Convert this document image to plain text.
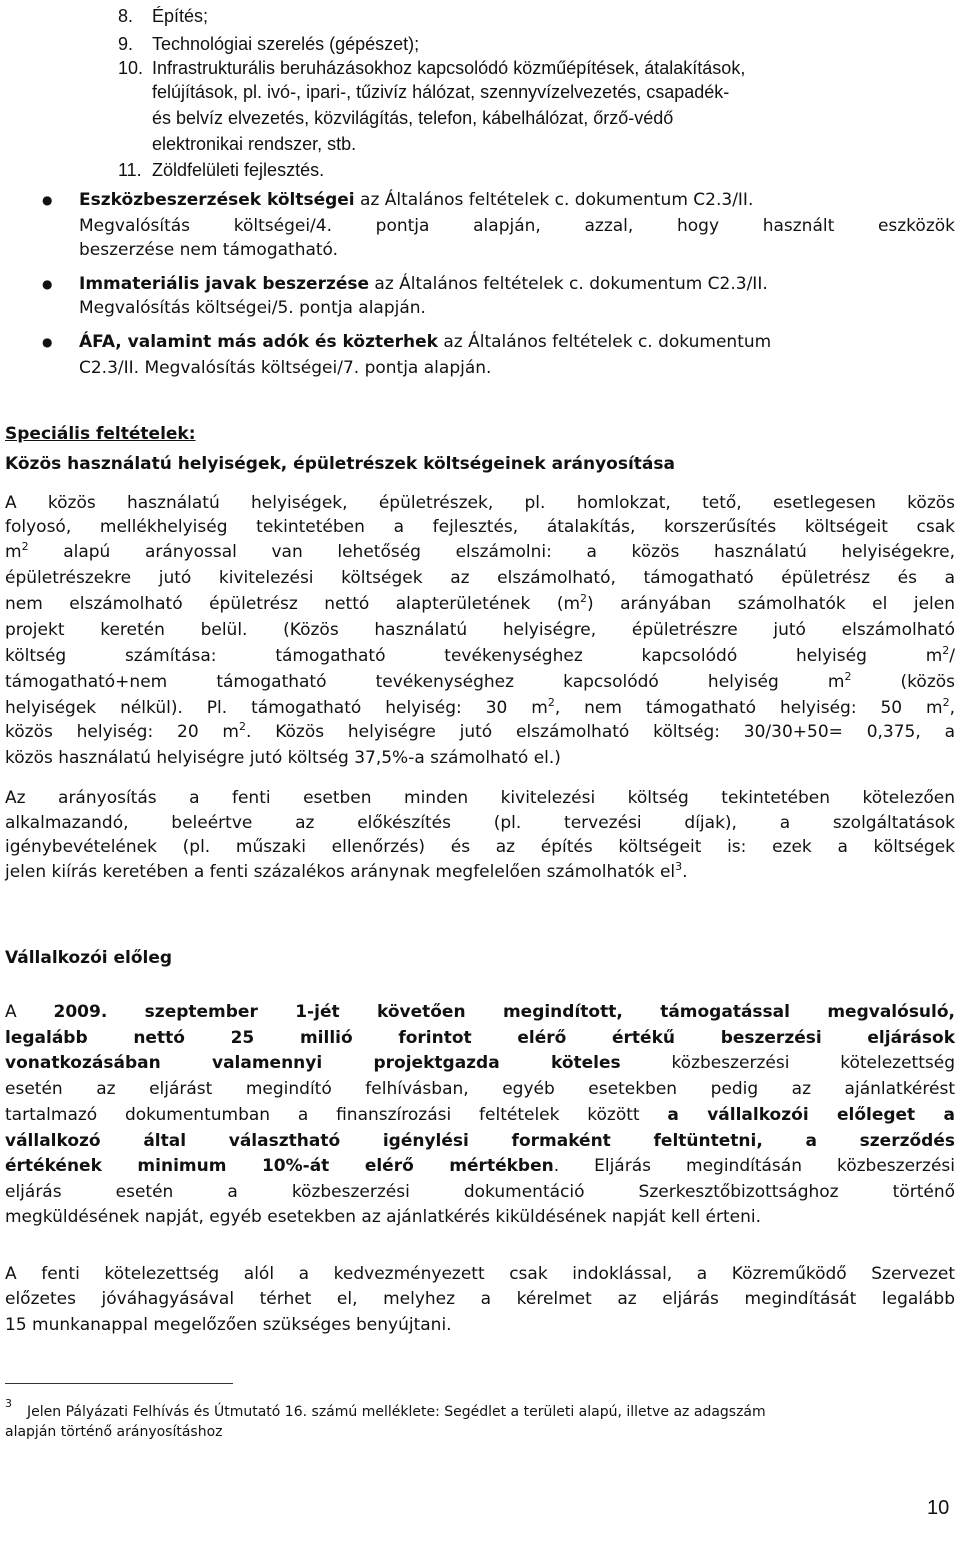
8. Építés;
9. Technológiai szerelés (gépészet);
10. Infrastrukturális beruházásokhoz kapcsolódó közműépítések, átalakítások,
felújítások, pl. ivó-, ipari-, tűzivíz hálózat, szennyvízelvezetés, csapadék-
és belvíz elvezetés, közvilágítás, telefon, kábelhálózat, őrző-védő
elektronikai rendszer, stb.
11. Zöldfelületi fejlesztés.
● Eszközbeszerzések költségei az Általános feltételek c. dokumentum C2.3/II.
Megvalósítás költségei/4. pontja alapján, azzal, hogy használt eszközök
beszerzése nem támogatható.
● Immateriális javak beszerzése az Általános feltételek c. dokumentum C2.3/II.
Megvalósítás költségei/5. pontja alapján.
● ÁFA, valamint más adók és közterhek az Általános feltételek c. dokumentum
C2.3/II. Megvalósítás költségei/7. pontja alapján.
Speciális feltételek:
Közös használatú helyiségek, épületrészek költségeinek arányosítása
A közös használatú helyiségek, épületrészek, pl. homlokzat, tető, esetlegesen közös
folyosó, mellékhelyiség tekintetében a fejlesztés, átalakítás, korszerűsítés költségeit csak
$m^2$ alapú arányossal van lehetőség elszámolni: a közös használatú helyiségekre,
épületrészekre jutó kivitelezési költségek az elszámolható, támogatható épületrész és a
nem elszámolható épületrész nettó alapterületének $(m^2)$ arányában számolhatók el jelen
projekt keretén belül. (Közös használatú helyiségre, épületrészre jutó elszámolható
költség számítása: támogatható tevékenységhez kapcsolódó helyiség $m^2/$
támogatható+nem támogatható tevékenységhez kapcsolódó helyiség $m^2$ (közös
helyiségek nélkül). Pl. támogatható helyiség: 30 $m^2$, nem támogatható helyiség: 50 $m^2$,
közös helyiség: 20 $m^2$. Közös helyiségre jutó elszámolható költség: 30/30+50= 0,375, a
közös használatú helyiségre jutó költség 37,5%-a számolható el.)
Az arányosítás a fenti esetben minden kivitelezési költség tekintetében kötelezően
alkalmazandó, beleértve az előkészítés (pl. tervezési díjak), a szolgáltatások
igénybevételének (pl. műszaki ellenőrzés) és az építés költségeit is: ezek a költségek
jelen kiírás keretében a fenti százalékos aránynak megfelelően számolhatók $el^3$.
Vállalkozói előleg
A 2009. szeptember 1-jét követően megindított, támogatással megvalósuló,
legalább nettó 25 millió forintot elérő értékű beszerzési eljárások
vonatkozásában valamennyi projektgazda köteles közbeszerzési kötelezettség
esetén az eljárást megindító felhívásban, egyéb esetekben pedig az ajánlatkérést
tartalmazó dokumentumban a finanszírozási feltételek között a vállalkozói előleget a
vállalkozó által választható igénylési formaként feltüntetni, a szerződés
értékének minimum 10%-át elérő mértékben. Eljárás megindításán közbeszerzési
eljárás esetén a közbeszerzési dokumentáció Szerkesztőbizottsághoz történő
megküldésének napját, egyéb esetekben az ajánlatkérés kiküldésének napját kell érteni.
A fenti kötelezettség alól a kedvezményezett csak indoklással, a Közreműködő Szervezet
előzetes jóváhagyásával térhet el, melyhez a kérelmet az eljárás megindítását legalább
15 munkanappal megelőzően szükséges benyújtani.
3
Jelen Pályázati Felhívás és Útmutató 16. számú melléklete: Segédlet a területi alapú, illetve az adagszám
alapján történő arányosításhoz
10
